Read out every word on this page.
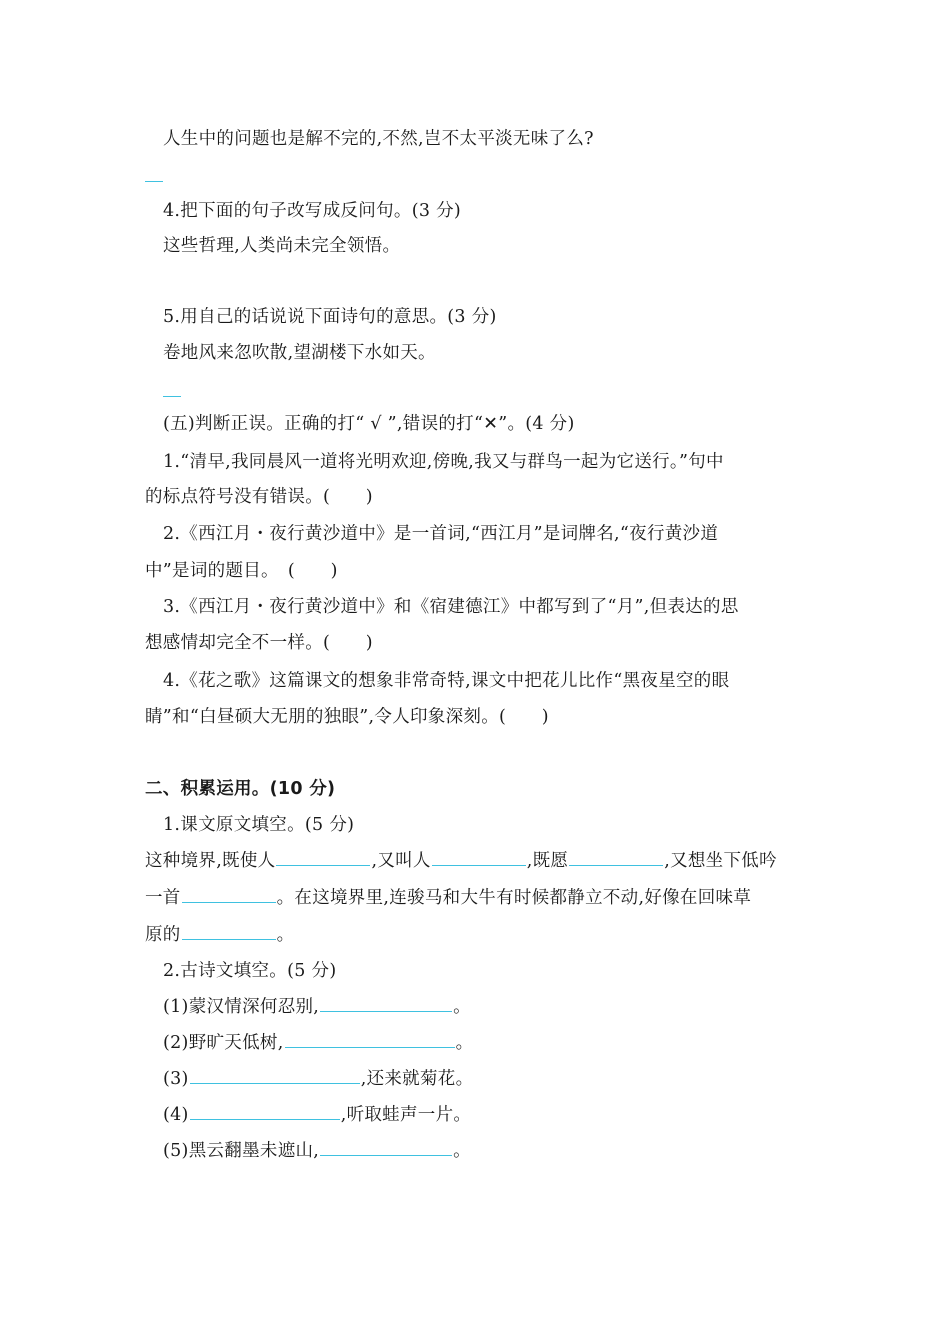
人生中的问题也是解不完的,不然,岂不太平淡无味了么?
4.把下面的句子改写成反问句。(3 分)
这些哲理,人类尚未完全领悟。
5.用自己的话说说下面诗句的意思。(3 分)
卷地风来忽吹散,望湖楼下水如天。
(五)判断正误。正确的打“ √ ”,错误的打“✕”。(4 分)
1.“清早,我同晨风一道将光明欢迎,傍晚,我又与群鸟一起为它送行。”句中
的标点符号没有错误。(　　)
2.《西江月・夜行黄沙道中》是一首词,“西江月”是词牌名,“夜行黄沙道
中”是词的题目。　(　　)
3.《西江月・夜行黄沙道中》和《宿建德江》中都写到了“月”,但表达的思
想感情却完全不一样。(　　)
4.《花之歌》这篇课文的想象非常奇特,课文中把花儿比作“黑夜星空的眼
睛”和“白昼硕大无朋的独眼”,令人印象深刻。(　　)
二、积累运用。(10 分)
1.课文原文填空。(5 分)
这种境界,既使人	,又叫人	,既愿	,又想坐下低吟
一首	。在这境界里,连骏马和大牛有时候都静立不动,好像在回味草
原的	。
2.古诗文填空。(5 分)
(1)蒙汉情深何忍别,	。
(2)野旷天低树,	。
(3)	,还来就菊花。
(4)	,听取蛙声一片。
(5)黑云翻墨未遮山,	。
